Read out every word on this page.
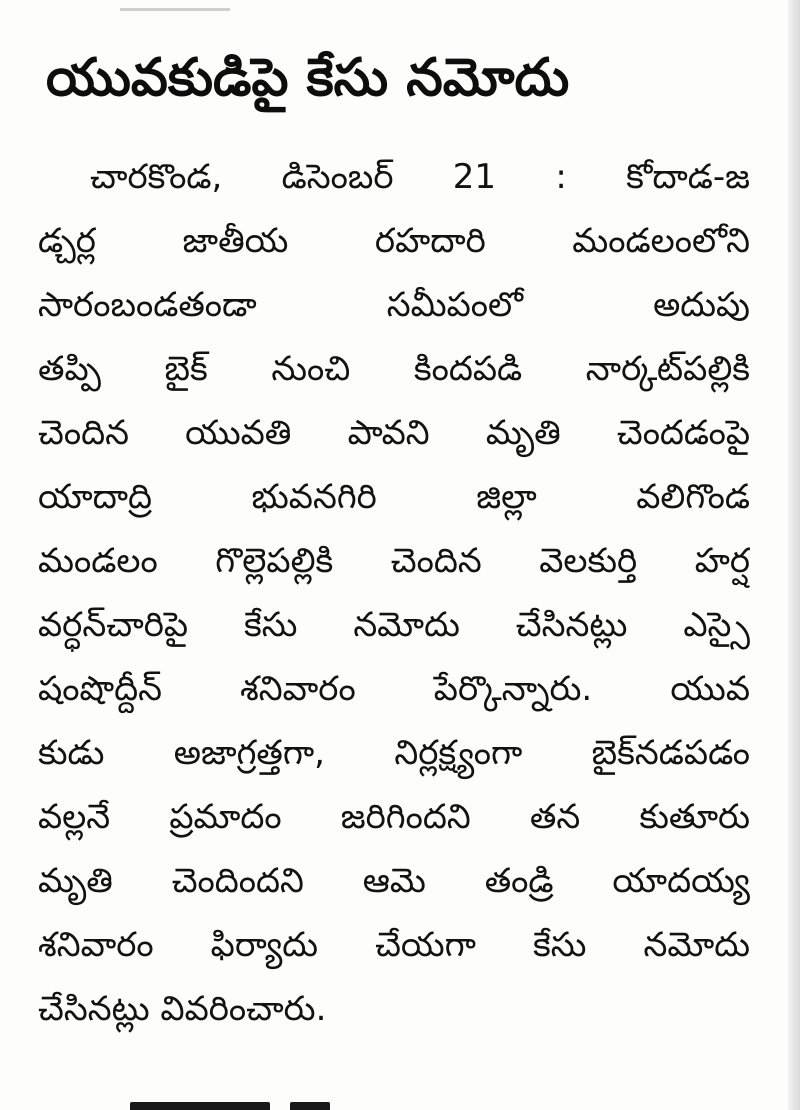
యువకుడిపై కేసు నమోదు
చారకొండ, డిసెంబర్ 21 : కోదాడ-జ
డ్చర్ల జాతీయ రహదారి మండలంలోని
సారంబండతండా సమీపంలో అదుపు
తప్పి బైక్ నుంచి కిందపడి నార్కట్‌పల్లికి
చెందిన యువతి పావని మృతి చెందడంపై
యాదాద్రి భువనగిరి జిల్లా వలిగొండ
మండలం గొల్లెపల్లికి చెందిన వెలకుర్తి హర్ష
వర్ధన్‌చారిపై కేసు నమోదు చేసినట్లు ఎస్సై
షంషొద్దీన్ శనివారం పేర్కొన్నారు. యువ
కుడు అజాగ్రత్తగా, నిర్లక్ష్యంగా బైక్‌నడపడం
వల్లనే ప్రమాదం జరిగిందని తన కుతూరు
మృతి చెందిందని ఆమె తండ్రి యాదయ్య
శనివారం ఫిర్యాదు చేయగా కేసు నమోదు
చేసినట్లు వివరించారు.
